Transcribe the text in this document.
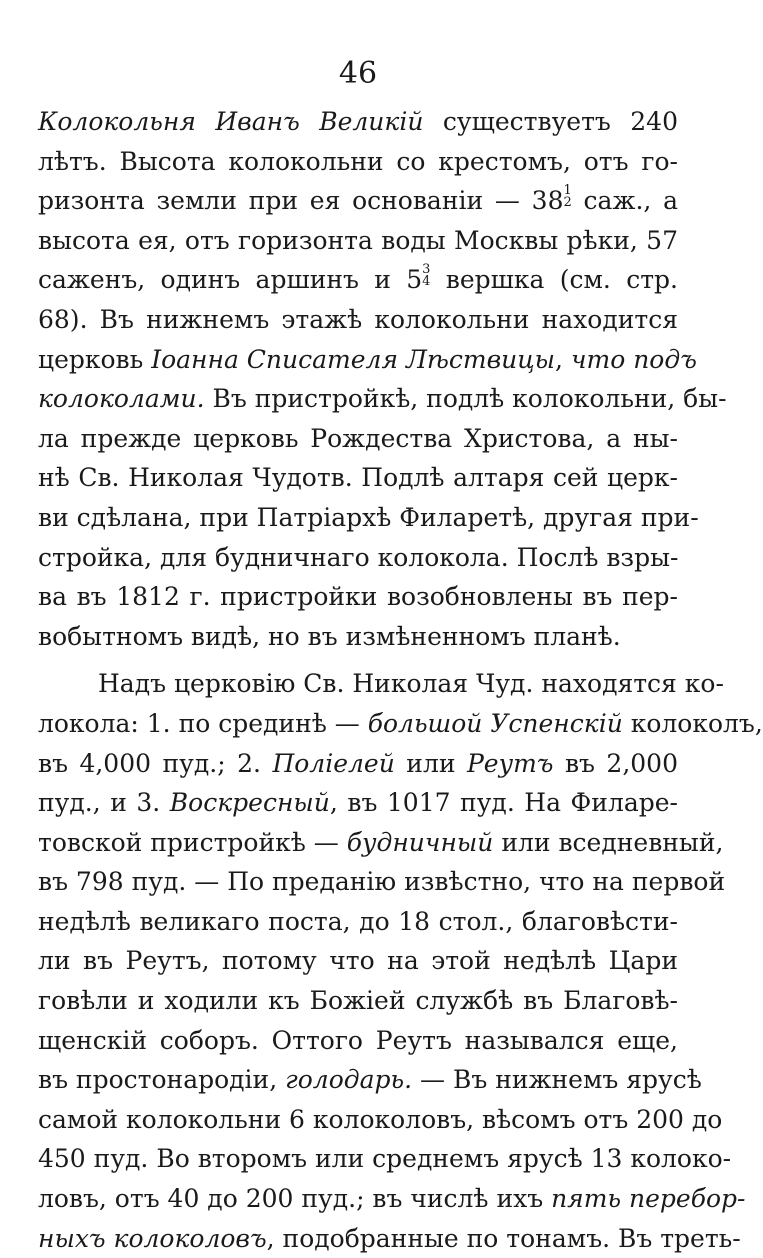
46
Колокольня Иванъ Великій существуетъ 240
лѣтъ. Высота колокольни со крестомъ, отъ го-
ризонта земли при ея основаніи — 38 1
2 саж., а
высота ея, отъ горизонта воды Москвы рѣки, 57
саженъ, одинъ аршинъ и 5 3
4 вершка (см. стр.
68). Въ нижнемъ этажѣ колокольни находится
церковь Іоанна Списателя Лѣствицы, что подъ
колоколами. Въ пристройкѣ, подлѣ колокольни, бы-
ла прежде церковь Рождества Христова, а ны-
нѣ Св. Николая Чудотв. Подлѣ алтаря сей церк-
ви сдѣлана, при Патріархѣ Филаретѣ, другая при-
стройка, для будничнаго колокола. Послѣ взры-
ва въ 1812 г. пристройки возобновлены въ пер-
вобытномъ видѣ, но въ измѣненномъ планѣ.
Надъ церковію Св. Николая Чуд. находятся ко-
локола: 1. по срединѣ — большой Успенскій колоколъ,
въ 4,000 пуд.; 2. Поліелей или Реутъ въ 2,000
пуд., и 3. Воскресный, въ 1017 пуд. На Филаре-
товской пристройкѣ — будничный или вседневный,
въ 798 пуд. — По преданію извѣстно, что на первой
недѣлѣ великаго поста, до 18 стол., благовѣсти-
ли въ Реутъ, потому что на этой недѣлѣ Цари
говѣли и ходили къ Божіей службѣ въ Благовѣ-
щенскій соборъ. Оттого Реутъ назывался еще,
въ простонародіи, голодарь. — Въ нижнемъ ярусѣ
самой колокольни 6 колоколовъ, вѣсомъ отъ 200 до
450 пуд. Во второмъ или среднемъ ярусѣ 13 колоко-
ловъ, отъ 40 до 200 пуд.; въ числѣ ихъ пять перебор-
ныхъ колоколовъ, подобранные по тонамъ. Въ треть-
